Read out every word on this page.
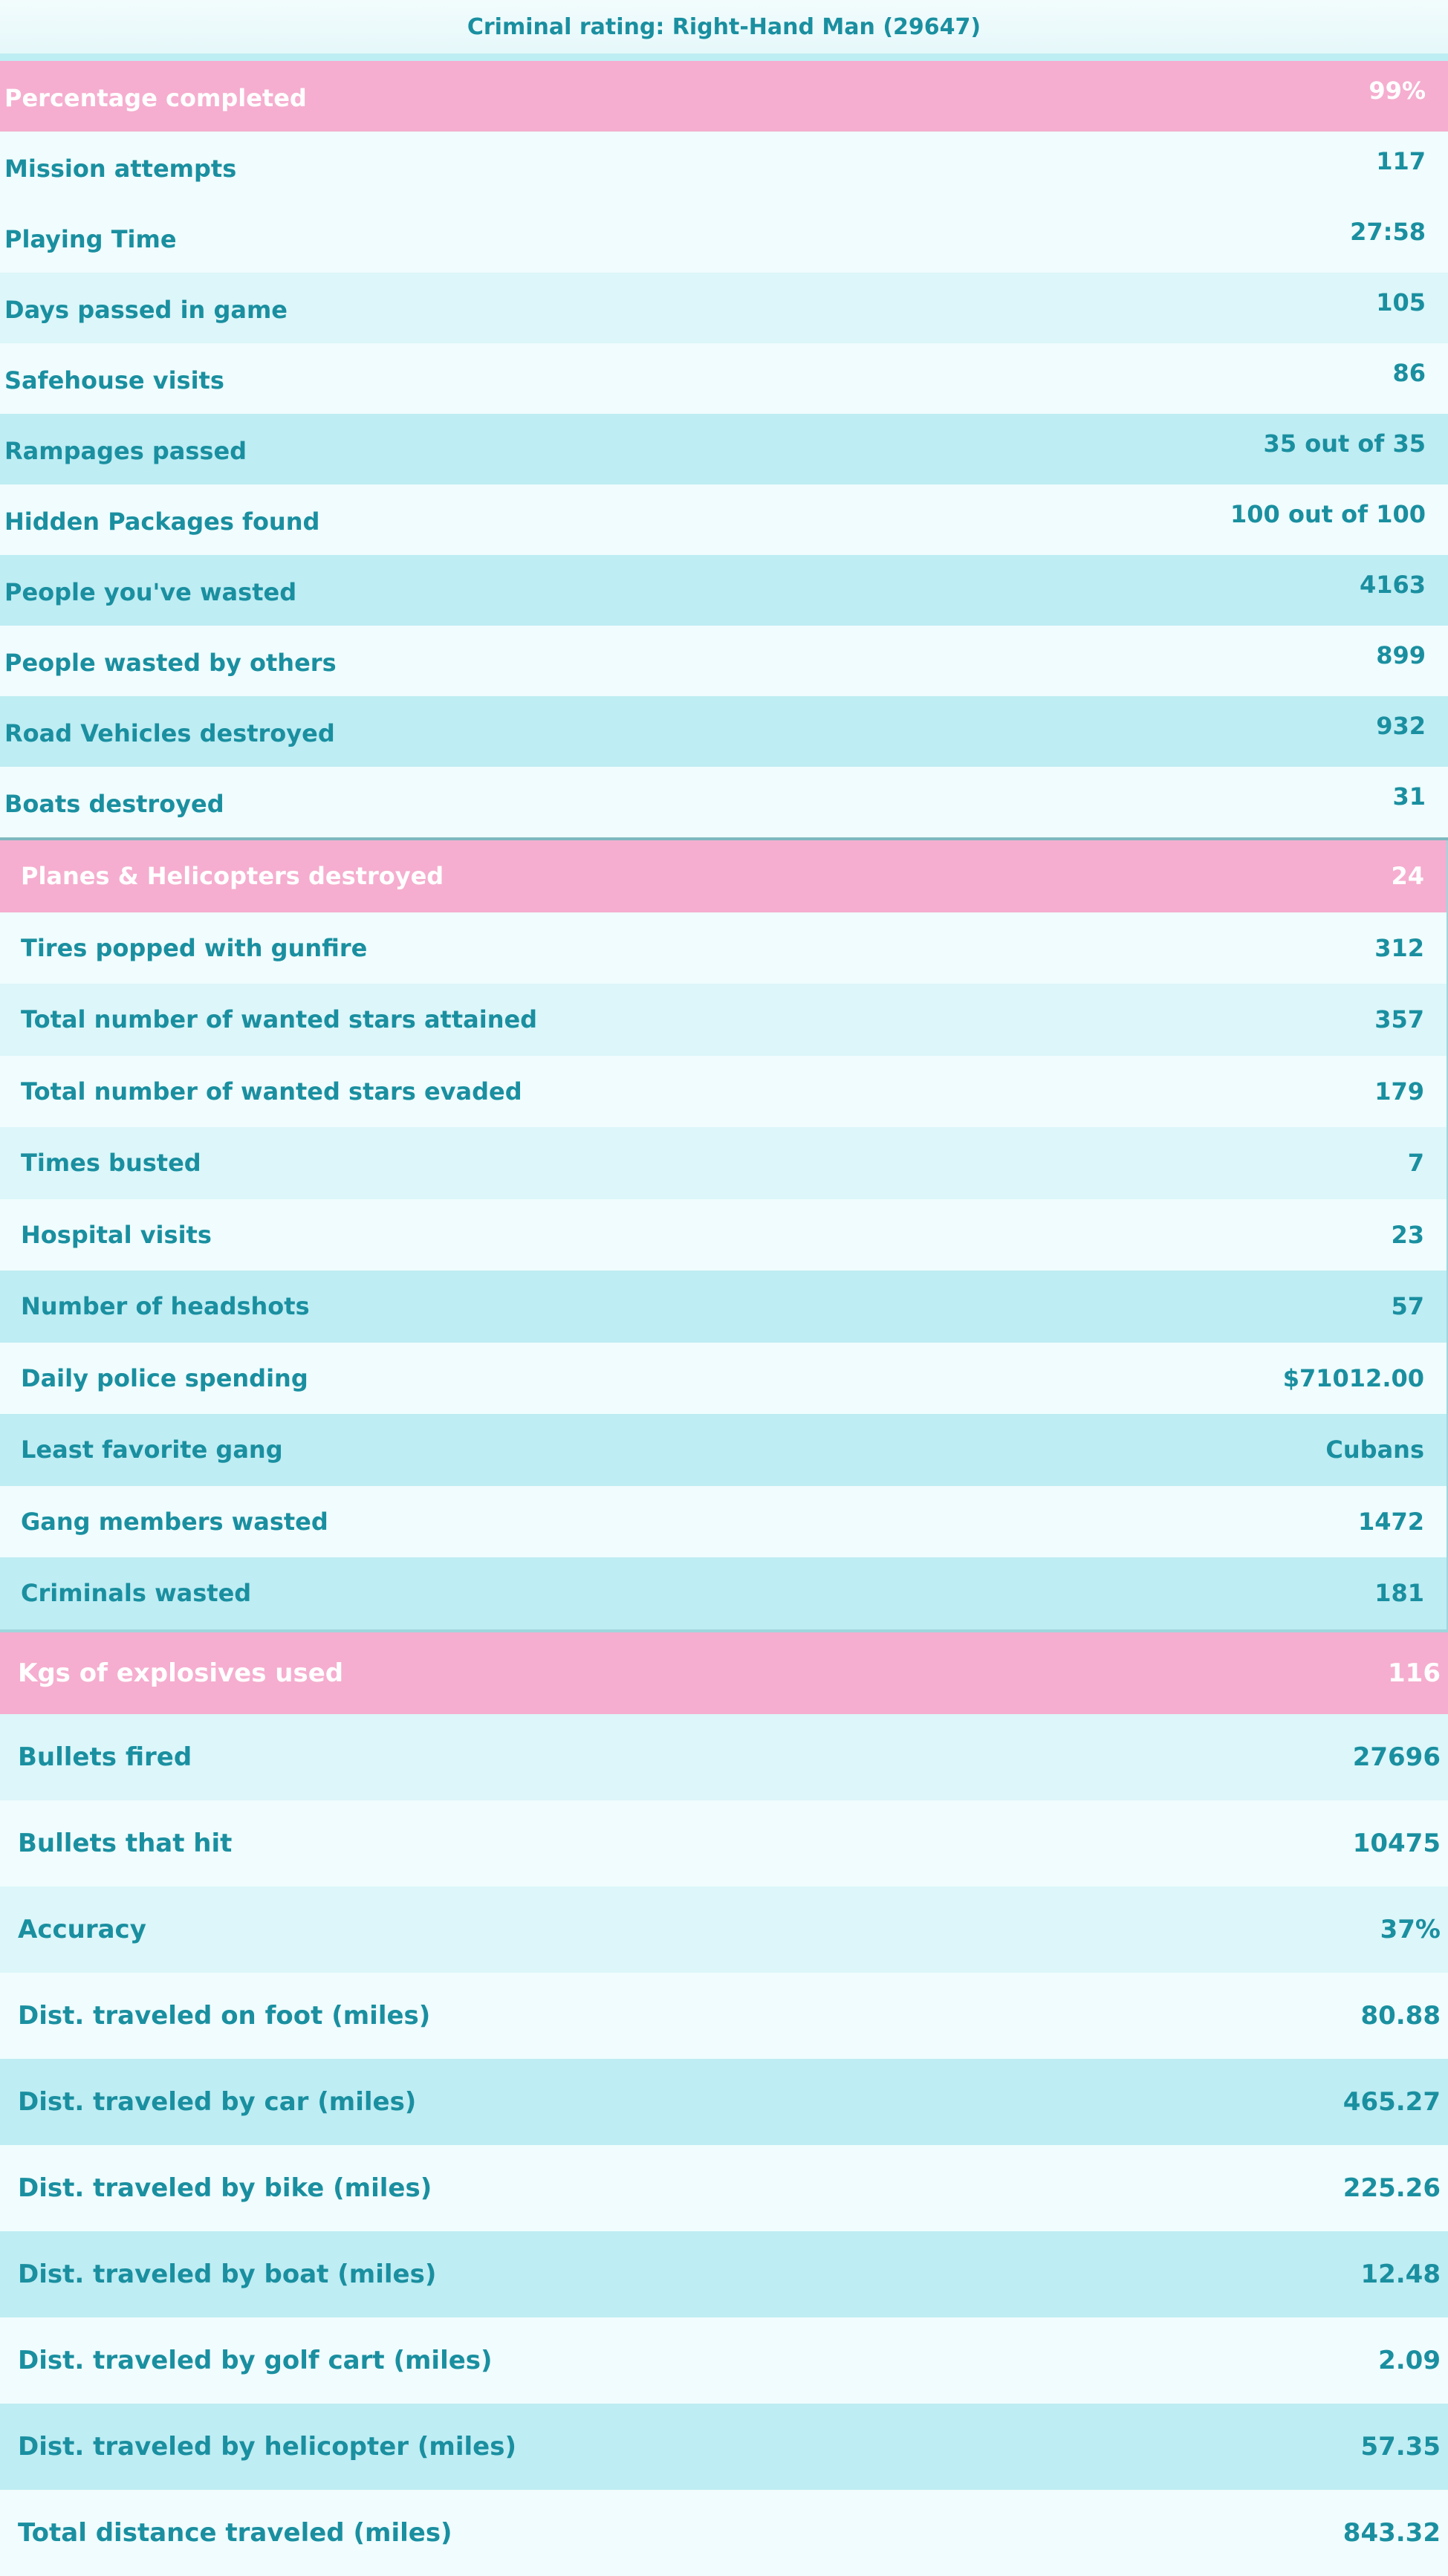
Criminal rating: Right-Hand Man (29647)
Percentage completed	99%
Mission attempts	117
Playing Time	27:58
Days passed in game	105
Safehouse visits	86
Rampages passed	35 out of 35
Hidden Packages found	100 out of 100
People you've wasted	4163
People wasted by others	899
Road Vehicles destroyed	932
Boats destroyed	31
Planes & Helicopters destroyed	24
Tires popped with gunfire	312
Total number of wanted stars attained	357
Total number of wanted stars evaded	179
Times busted	7
Hospital visits	23
Number of headshots	57
Daily police spending	$71012.00
Least favorite gang	Cubans
Gang members wasted	1472
Criminals wasted	181
Kgs of explosives used	116
Bullets fired	27696
Bullets that hit	10475
Accuracy	37%
Dist. traveled on foot (miles)	80.88
Dist. traveled by car (miles)	465.27
Dist. traveled by bike (miles)	225.26
Dist. traveled by boat (miles)	12.48
Dist. traveled by golf cart (miles)	2.09
Dist. traveled by helicopter (miles)	57.35
Total distance traveled (miles)	843.32
